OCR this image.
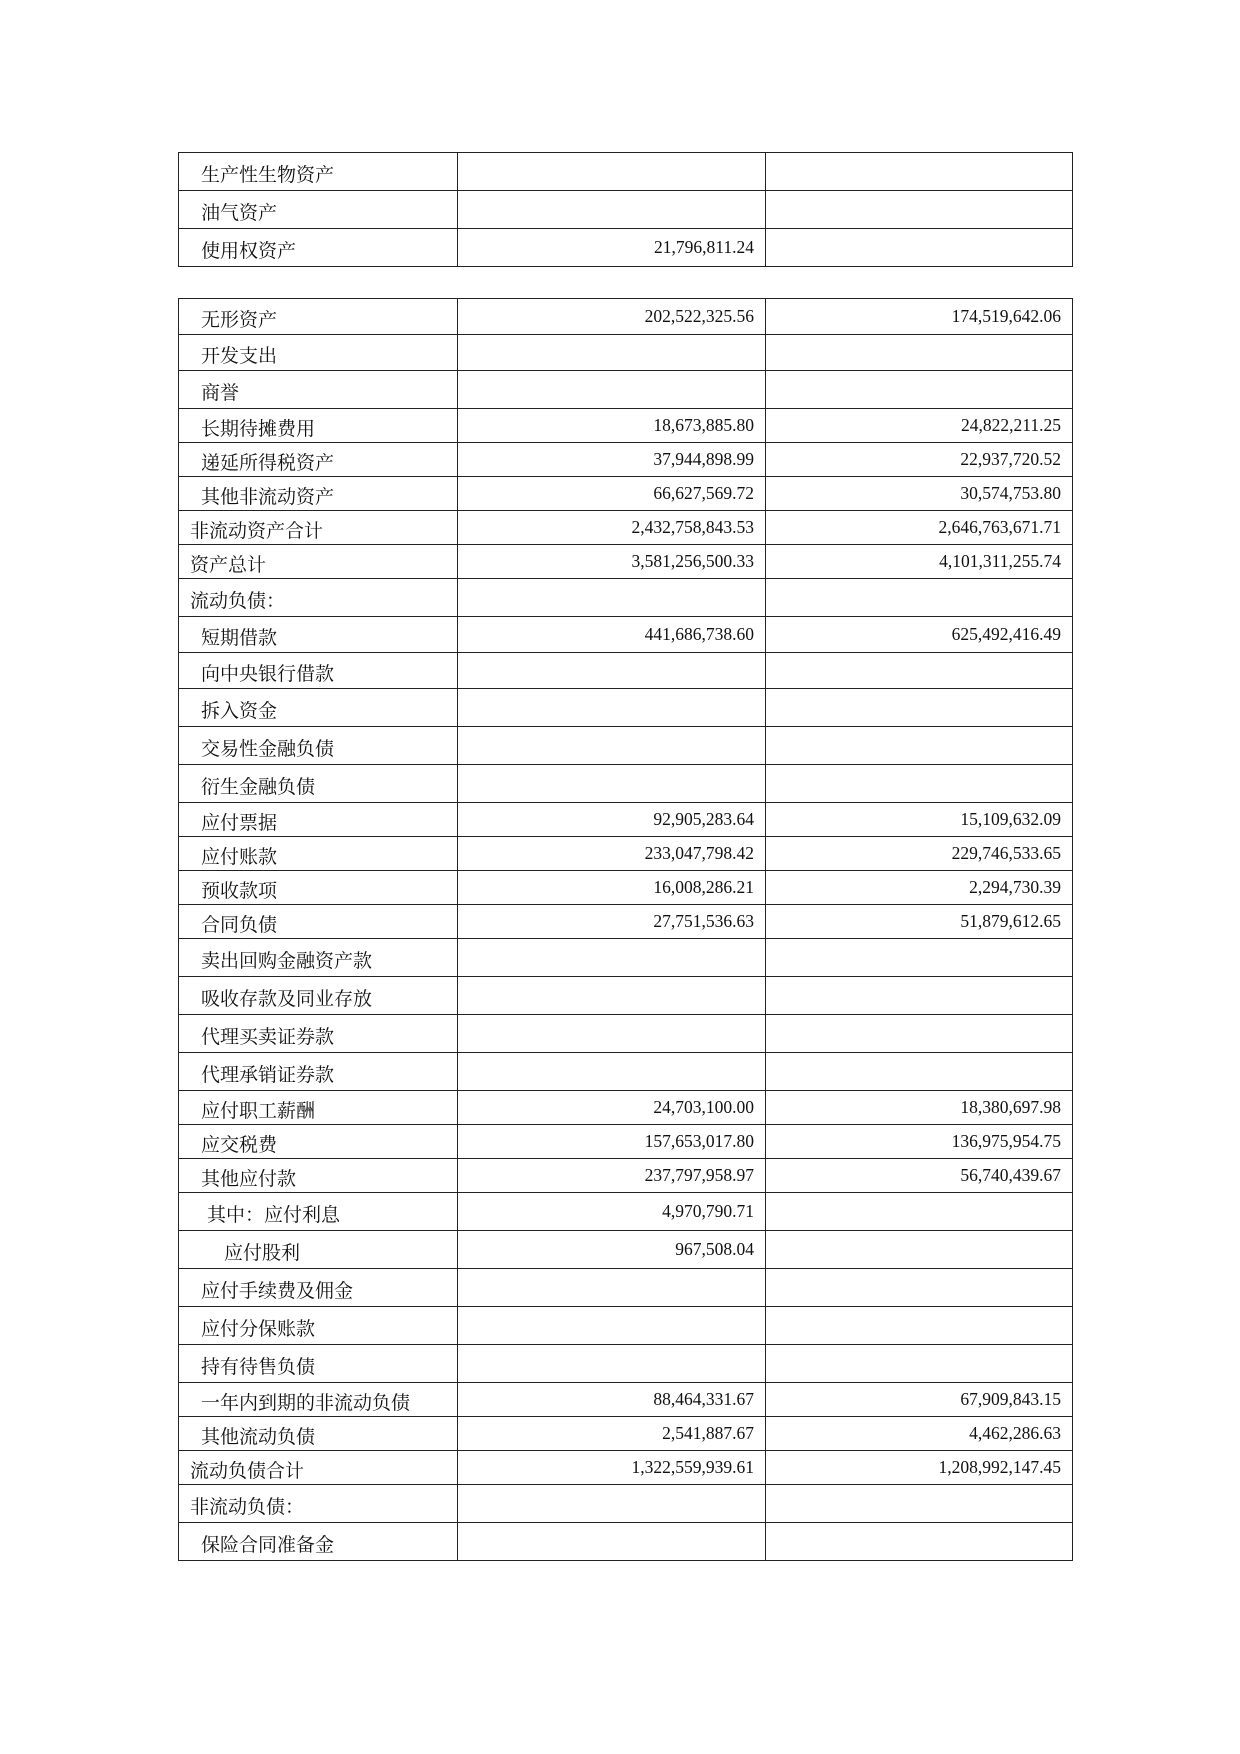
生产性生物资产		
油气资产		
使用权资产	21,796,811.24	
无形资产	202,522,325.56	174,519,642.06
开发支出		
商誉		
长期待摊费用	18,673,885.80	24,822,211.25
递延所得税资产	37,944,898.99	22,937,720.52
其他非流动资产	66,627,569.72	30,574,753.80
非流动资产合计	2,432,758,843.53	2,646,763,671.71
资产总计	3,581,256,500.33	4,101,311,255.74
流动负债：		
短期借款	441,686,738.60	625,492,416.49
向中央银行借款		
拆入资金		
交易性金融负债		
衍生金融负债		
应付票据	92,905,283.64	15,109,632.09
应付账款	233,047,798.42	229,746,533.65
预收款项	16,008,286.21	2,294,730.39
合同负债	27,751,536.63	51,879,612.65
卖出回购金融资产款		
吸收存款及同业存放		
代理买卖证券款		
代理承销证券款		
应付职工薪酬	24,703,100.00	18,380,697.98
应交税费	157,653,017.80	136,975,954.75
其他应付款	237,797,958.97	56,740,439.67
其中：应付利息	4,970,790.71	
应付股利	967,508.04	
应付手续费及佣金		
应付分保账款		
持有待售负债		
一年内到期的非流动负债	88,464,331.67	67,909,843.15
其他流动负债	2,541,887.67	4,462,286.63
流动负债合计	1,322,559,939.61	1,208,992,147.45
非流动负债：		
保险合同准备金		
